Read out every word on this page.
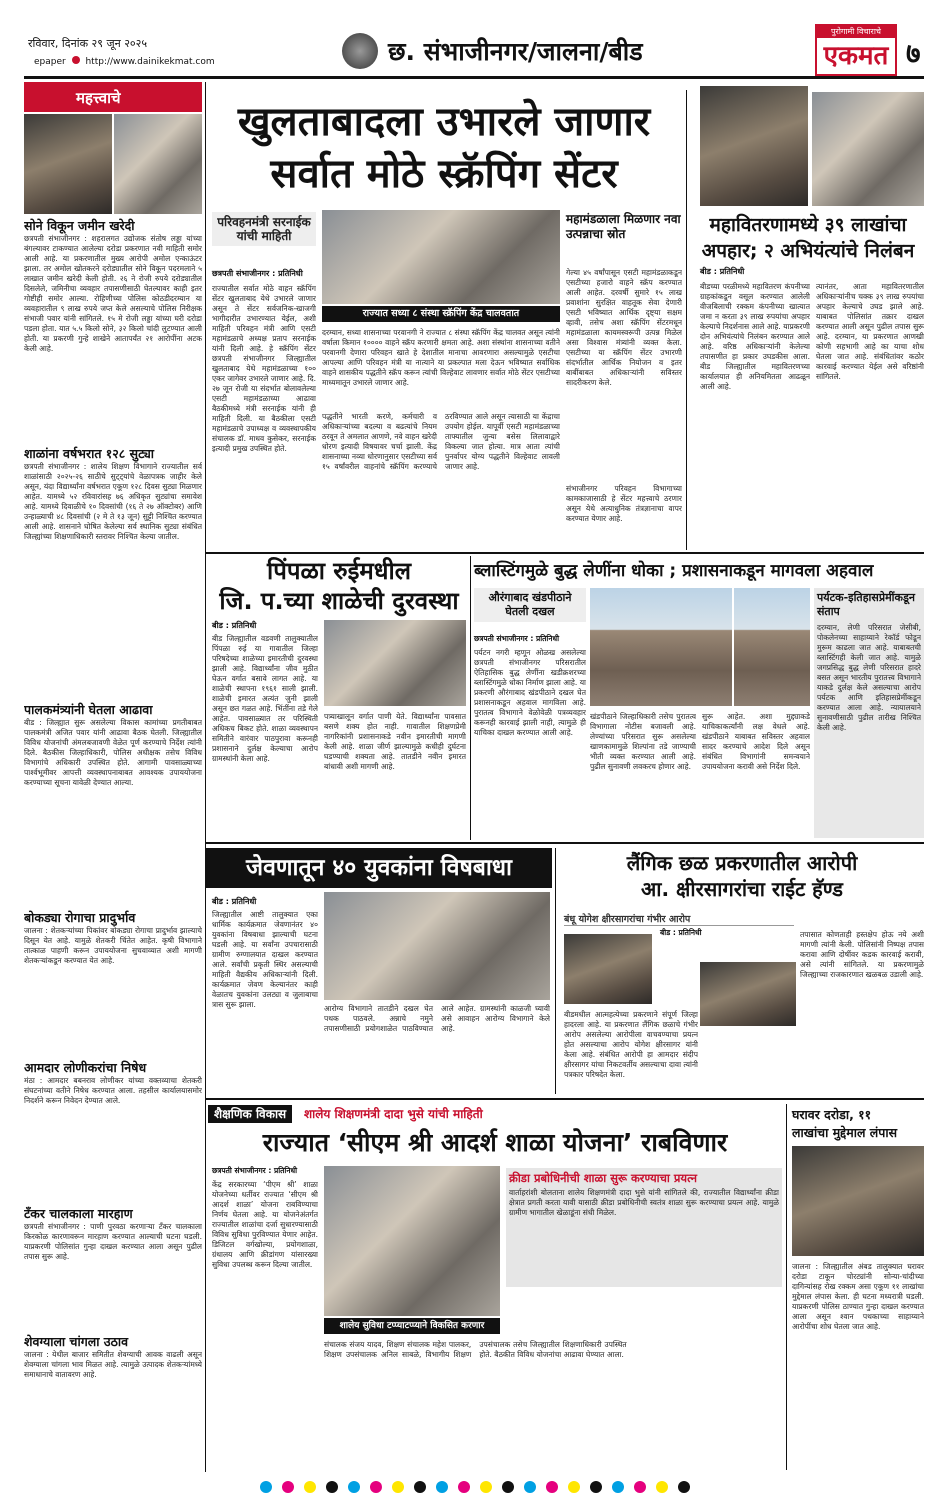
रविवार, दिनांक २९ जून २०२५
epaper http://www.dainikekmat.com	छ. संभाजीनगर/जालना/बीड
पुरोगामी विचाराचे
एकमत ७
महत्त्वाचे
सोने विकून जमीन खरेदी
छत्रपती संभाजीनगर : शहरालगत उद्योजक संतोष लड्डा यांच्या बंगल्यावर टाकण्यात आलेल्या दरोडा प्रकरणात नवी माहिती समोर आली आहे. या प्रकरणातील मुख्य आरोपी अमोल एन्काऊंटर झाला. तर अमोल खोतकरने दरोड्यातील सोने विकून पदरमलाने ५ लाखात जमीन खरेदी केली होती. २६ ने रोजी रुपये दरोड्यातील दिसलेले, जमिनीचा व्यवहार तपासणीसाठी घेतल्यावर काही इतर गोष्टीही समोर आल्या. रोहिणीच्या पोलिस कोठडीदरम्यान या व्यवहारातील ९ लाख रुपये जप्त केले असल्याचे पोलिस निरीक्षक संभाजी पवार यांनी सांगितले. १५ मे रोजी लड्डा यांच्या घरी दरोडा पडला होता. यात ५.५ किलो सोने, ३२ किलो चांदी लुटण्यात आली होती. या प्रकरणी गुन्हे शाखेने आतापर्यंत २१ आरोपींना अटक केली आहे.
शाळांना वर्षभरात १२८ सुट्या
छत्रपती संभाजीनगर : शालेय शिक्षण विभागाने राज्यातील सर्व शाळांसाठी २०२५-२६ साठीचे सुट्ट्यांचे वेळापत्रक जाहीर केले असून, यंदा विद्यार्थ्यांना वर्षभरात एकूण १२८ दिवस सुट्या मिळणार आहेत. यामध्ये ५२ रविवारांसह ७६ अधिकृत सुट्यांचा समावेश आहे. यामध्ये दिवाळीचे १० दिवसांची (१६ ते २७ ऑक्टोबर) आणि उन्हाळ्याची ४८ दिवसांची (२ मे ते १३ जून) सुट्टी निश्चित करण्यात आली आहे. शासनाने घोषित केलेल्या सर्व स्थानिक सुट्या संबंधित जिल्ह्यांच्या शिक्षणाधिकारी स्तरावर निश्चित केल्या जातील.
पालकमंत्र्यांनी घेतला आढावा
बीड : जिल्ह्यात सुरू असलेल्या विकास कामांच्या प्रगतीबाबत पालकमंत्री अजित पवार यांनी आढावा बैठक घेतली. जिल्ह्यातील विविध योजनांची अंमलबजावणी वेळेत पूर्ण करण्याचे निर्देश त्यांनी दिले. बैठकीस जिल्हाधिकारी, पोलिस अधीक्षक तसेच विविध विभागांचे अधिकारी उपस्थित होते. आगामी पावसाळ्याच्या पार्श्वभूमीवर आपत्ती व्यवस्थापनाबाबत आवश्यक उपाययोजना करण्याच्या सूचना यावेळी देण्यात आल्या.
बोकड्या रोगाचा प्रादुर्भाव
जालना : शेतकऱ्यांच्या पिकांवर बोकड्या रोगाचा प्रादुर्भाव झाल्याचे दिसून येत आहे. यामुळे शेतकरी चिंतेत आहेत. कृषी विभागाने तात्काळ पाहणी करून उपाययोजना सुचवाव्यात अशी मागणी शेतकऱ्यांकडून करण्यात येत आहे.
आमदार लोणीकरांचा निषेध
मंठा : आमदार बबनराव लोणीकर यांच्या वक्तव्याचा शेतकरी संघटनांच्या वतीने निषेध करण्यात आला. तहसील कार्यालयासमोर निदर्शने करून निवेदन देण्यात आले.
टँकर चालकाला मारहाण
छत्रपती संभाजीनगर : पाणी पुरवठा करणाऱ्या टँकर चालकाला किरकोळ कारणावरून मारहाण करण्यात आल्याची घटना घडली. याप्रकरणी पोलिसांत गुन्हा दाखल करण्यात आला असून पुढील तपास सुरू आहे.
शेवग्याला चांगला उठाव
जालना : येथील बाजार समितीत शेवग्याची आवक वाढली असून शेवग्याला चांगला भाव मिळत आहे. त्यामुळे उत्पादक शेतकऱ्यांमध्ये समाधानाचे वातावरण आहे.
खुलताबादला उभारले जाणार
सर्वात मोठे स्क्रॅपिंग सेंटर
परिवहनमंत्री सरनाईक यांची माहिती
महामंडळाला मिळणार नवा उत्पन्नाचा स्रोत
छत्रपती संभाजीनगर : प्रतिनिधी
राज्यातील सर्वात मोठे वाहन स्क्रॅपिंग सेंटर खुलताबाद येथे उभारले जाणार असून ते सेंटर सर्वजनिक-खाजगी भागीदारीत उभारण्यात येईल, अशी माहिती परिवहन मंत्री आणि एसटी महामंडळाचे अध्यक्ष प्रताप सरनाईक यांनी दिली आहे. हे स्क्रॅपिंग सेंटर छत्रपती संभाजीनगर जिल्ह्यातील खुलताबाद येथे महामंडळाच्या १०० एकर जागेवर उभारले जाणार आहे. दि. २७ जून रोजी या संदर्भात बोलावलेल्या एसटी महामंडळाच्या आढावा बैठकीमध्ये मंत्री सरनाईक यांनी ही माहिती दिली. या बैठकीला एसटी महामंडळाचे उपाध्यक्ष व व्यवस्थापकीय संचालक डॉ. माधव कुसेकर, सरनाईक इत्यादी प्रमुख उपस्थित होते.
राज्यात सध्या ८ संस्था स्क्रॅपिंग केंद्र चालवतात
दरम्यान, सध्या शासनाच्या परवानगी ने राज्यात ८ संस्था स्क्रॅपिंग केंद्र चालवत असून त्यांनी वर्षाला किमान १०००० वाहने स्क्रॅप करणारी क्षमता आहे. अशा संस्थांना शासनाच्या वतीने परवानगी देणारा परिवहन खाते हे देशातील मानाचा आवरणारा असल्यामुळे एसटीचा आपल्या आणि परिवहन मंत्री या नात्याने या प्रकल्पात मला देऊन भविष्यात सर्वाधिक वाहने शासकीय पद्धतीने स्क्रॅप करून त्यांची विल्हेवाट लावणार सर्वात मोठे सेंटर एसटीच्या माध्यमातून उभारले जाणार आहे.
पद्धतीने भारती करणे, कर्मचारी व अधिकाऱ्यांच्या बदल्या व बढत्यांचे नियम ठरवून ते अमलात आणणे, नवे वाहन खरेदी धोरण इत्यादी विषयावर चर्चा झाली. केंद्र शासनाच्या नव्या धोरणानुसार एसटीच्या सर्व १५ वर्षांवरील वाहनांचे स्क्रॅपिंग करण्याचे ठरविण्यात आले असून त्यासाठी या केंद्राचा उपयोग होईल. यापूर्वी एसटी महामंडळाच्या ताफ्यातील जुन्या बसेस लिलावाद्वारे विकल्या जात होत्या. मात्र आता त्यांची पुनर्वापर योग्य पद्धतीने विल्हेवाट लावली जाणार आहे.
गेल्या ४५ वर्षांपासून एसटी महामंडळाकडून एसटीच्या हजारो वाहने स्क्रॅप करण्यात आली आहेत. दरवर्षी सुमारे १५ लाख प्रवाशांना सुरक्षित वाहतूक सेवा देणारी एसटी भविष्यात आर्थिक दृष्ट्या सक्षम व्हावी, तसेच अशा स्क्रॅपिंग सेंटरमधून महामंडळाला कायमस्वरूपी उत्पन्न मिळेल असा विश्वास मंत्र्यांनी व्यक्त केला. एसटीच्या या स्क्रॅपिंग सेंटर उभारणी संदर्भातील आर्थिक नियोजन व इतर बाबींबाबत अधिकाऱ्यांनी सविस्तर सादरीकरण केले.
संभाजीनगर परिवहन विभागाच्या कामकाजासाठी हे सेंटर महत्त्वाचे ठरणार असून येथे अत्याधुनिक तंत्रज्ञानाचा वापर करण्यात येणार आहे.
महावितरणामध्ये ३९ लाखांचा अपहार; २ अभियंत्यांचे निलंबन
बीड : प्रतिनिधी
बीडच्या परळीमध्ये महावितरण कंपनीच्या ग्राहकांकडून वसूल करण्यात आलेली वीजबिलाची रक्कम कंपनीच्या खात्यात जमा न करता ३९ लाख रुपयांचा अपहार केल्याचे निदर्शनास आले आहे. याप्रकरणी दोन अभियंत्यांचे निलंबन करण्यात आले आहे. वरिष्ठ अधिकाऱ्यांनी केलेल्या तपासणीत हा प्रकार उघडकीस आला. बीड जिल्ह्यातील महावितरणच्या कार्यालयात ही अनियमितता आढळून आली आहे.
त्यानंतर, आता महावितरणातील अधिकाऱ्यांनीच चक्क ३९ लाख रुपयांचा अपहार केल्याचे उघड झाले आहे. याबाबत पोलिसांत तक्रार दाखल करण्यात आली असून पुढील तपास सुरू आहे. दरम्यान, या प्रकरणात आणखी कोणी सहभागी आहे का याचा शोध घेतला जात आहे. संबंधितांवर कठोर कारवाई करण्यात येईल असे वरिष्ठांनी सांगितले.
पिंपळा रुईमधील
जि. प.च्या शाळेची दुरवस्था
बीड : प्रतिनिधी
बीड जिल्ह्यातील वडवणी तालुक्यातील पिंपळा रुई या गावातील जिल्हा परिषदेच्या शाळेच्या इमारतीची दुरवस्था झाली आहे. विद्यार्थ्यांना जीव मुठीत घेऊन वर्गात बसावे लागत आहे. या शाळेची स्थापना १९६१ साली झाली. शाळेची इमारत अत्यंत जुनी झाली असून छत गळत आहे. भिंतींना तडे गेले आहेत. पावसाळ्यात तर परिस्थिती अधिकच बिकट होते. शाळा व्यवस्थापन समितीने वारंवार पाठपुरावा करूनही प्रशासनाने दुर्लक्ष केल्याचा आरोप ग्रामस्थांनी केला आहे.
पत्र्याखालून वर्गात पाणी येते. विद्यार्थ्यांना पावसात बसणे शक्य होत नाही. गावातील शिक्षणप्रेमी नागरिकांनी प्रशासनाकडे नवीन इमारतीची मागणी केली आहे. शाळा जीर्ण झाल्यामुळे कधीही दुर्घटना घडण्याची शक्यता आहे. तातडीने नवीन इमारत बांधावी अशी मागणी आहे.
ब्लास्टिंगमुळे बुद्ध लेणींना धोका ; प्रशासनाकडून मागवला अहवाल
औरंगाबाद खंडपीठाने घेतली दखल
छत्रपती संभाजीनगर : प्रतिनिधी
पर्यटन नगरी म्हणून ओळख असलेल्या छत्रपती संभाजीनगर परिसरातील ऐतिहासिक बुद्ध लेणींना खडीक्रशरच्या ब्लास्टिंगमुळे धोका निर्माण झाला आहे. या प्रकरणी औरंगाबाद खंडपीठाने दखल घेत प्रशासनाकडून अहवाल मागविला आहे. पुरातत्व विभागाने वेळोवेळी पत्रव्यवहार करूनही कारवाई झाली नाही, त्यामुळे ही याचिका दाखल करण्यात आली आहे.
खंडपीठाने जिल्हाधिकारी तसेच पुरातत्व विभागाला नोटीस बजावली आहे. लेण्यांच्या परिसरात सुरू असलेल्या खाणकामामुळे शिल्पांना तडे जाण्याची भीती व्यक्त करण्यात आली आहे. पुढील सुनावणी लवकरच होणार आहे.
सुरू आहेत. अशा मुद्द्याकडे याचिकाकर्त्यांनी लक्ष वेधले आहे. खंडपीठाने याबाबत सविस्तर अहवाल सादर करण्याचे आदेश दिले असून संबंधित विभागांनी समन्वयाने उपाययोजना करावी असे निर्देश दिले.
पर्यटक-इतिहासप्रेमींकडून संताप
दरम्यान, लेणी परिसरात जेसीबी, पोकलेनच्या साहाय्याने रेकॉर्ड फोडून मुरूम काढला जात आहे. याबाबतची ब्लास्टिंगही केली जात आहे. यामुळे जगप्रसिद्ध बुद्ध लेणी परिसरात हादरे बसत असून भारतीय पुरातत्त्व विभागाने याकडे दुर्लक्ष केले असल्याचा आरोप पर्यटक आणि इतिहासप्रेमींकडून करण्यात आला आहे. न्यायालयाने सुनावणीसाठी पुढील तारीख निश्चित केली आहे.
जेवणातून ४० युवकांना विषबाधा
बीड : प्रतिनिधी
जिल्ह्यातील आष्टी तालुक्यात एका धार्मिक कार्यक्रमात जेवणानंतर ४० युवकांना विषबाधा झाल्याची घटना घडली आहे. या सर्वांना उपचारासाठी ग्रामीण रुग्णालयात दाखल करण्यात आले. सर्वांची प्रकृती स्थिर असल्याची माहिती वैद्यकीय अधिकाऱ्यांनी दिली. कार्यक्रमात जेवण केल्यानंतर काही वेळातच युवकांना उलट्या व जुलाबाचा त्रास सुरू झाला.	आरोग्य विभागाने तातडीने दखल घेत पथक पाठवले. अन्नाचे नमुने तपासणीसाठी प्रयोगशाळेत पाठविण्यात आले आहेत. ग्रामस्थांनी काळजी घ्यावी असे आवाहन आरोग्य विभागाने केले आहे.
लैंगिक छळ प्रकरणातील आरोपी
आ. क्षीरसागरांचा राईट हॅण्ड
बंधू योगेश क्षीरसागरांचा गंभीर आरोप
बीड : प्रतिनिधी
बीडमधील आत्महत्येच्या प्रकरणाने संपूर्ण जिल्हा हादरला आहे. या प्रकरणात लैंगिक छळाचे गंभीर आरोप असलेल्या आरोपीला वाचवण्याचा प्रयत्न होत असल्याचा आरोप योगेश क्षीरसागर यांनी केला आहे. संबंधित आरोपी हा आमदार संदीप क्षीरसागर यांचा निकटवर्तीय असल्याचा दावा त्यांनी पत्रकार परिषदेत केला.
तपासात कोणताही हस्तक्षेप होऊ नये अशी मागणी त्यांनी केली. पोलिसांनी निष्पक्ष तपास करावा आणि दोषींवर कडक कारवाई करावी, असे त्यांनी सांगितले. या प्रकरणामुळे जिल्ह्याच्या राजकारणात खळबळ उडाली आहे.
शैक्षणिक विकास शालेय शिक्षणमंत्री दादा भुसे यांची माहिती
राज्यात ‘सीएम श्री आदर्श शाळा योजना’ राबविणार
छत्रपती संभाजीनगर : प्रतिनिधी
केंद्र सरकारच्या ‘पीएम श्री’ शाळा योजनेच्या धर्तीवर राज्यात ‘सीएम श्री आदर्श शाळा’ योजना राबविण्याचा निर्णय घेतला आहे. या योजनेअंतर्गत राज्यातील शाळांचा दर्जा सुधारण्यासाठी विविध सुविधा पुरविण्यात येणार आहेत. डिजिटल वर्गखोल्या, प्रयोगशाळा, ग्रंथालय आणि क्रीडांगण यांसारख्या सुविधा उपलब्ध करून दिल्या जातील.
शालेय सुविधा टप्प्याटप्प्याने विकसित करणार
क्रीडा प्रबोधिनीची शाळा सुरू करण्याचा प्रयत्न
वार्ताहरांशी बोलताना शालेय शिक्षणमंत्री दादा भुसे यांनी सांगितले की, राज्यातील विद्यार्थ्यांना क्रीडा क्षेत्रात प्रगती करता यावी यासाठी क्रीडा प्रबोधिनीची स्वतंत्र शाळा सुरू करण्याचा प्रयत्न आहे. यामुळे ग्रामीण भागातील खेळाडूंना संधी मिळेल.
संचालक संजय यादव, शिक्षण संचालक महेश पालकर, शिक्षण उपसंचालक अनिल साबळे, विभागीय शिक्षण उपसंचालक तसेच जिल्ह्यातील शिक्षणाधिकारी उपस्थित होते. बैठकीत विविध योजनांचा आढावा घेण्यात आला.
घरावर दरोडा, ११
लाखांचा मुद्देमाल लंपास
जालना : जिल्ह्यातील अंबड तालुक्यात घरावर दरोडा टाकून चोरट्यांनी सोन्या-चांदीच्या दागिन्यांसह रोख रक्कम असा एकूण ११ लाखांचा मुद्देमाल लंपास केला. ही घटना मध्यरात्री घडली. याप्रकरणी पोलिस ठाण्यात गुन्हा दाखल करण्यात आला असून श्वान पथकाच्या साहाय्याने आरोपींचा शोध घेतला जात आहे.
